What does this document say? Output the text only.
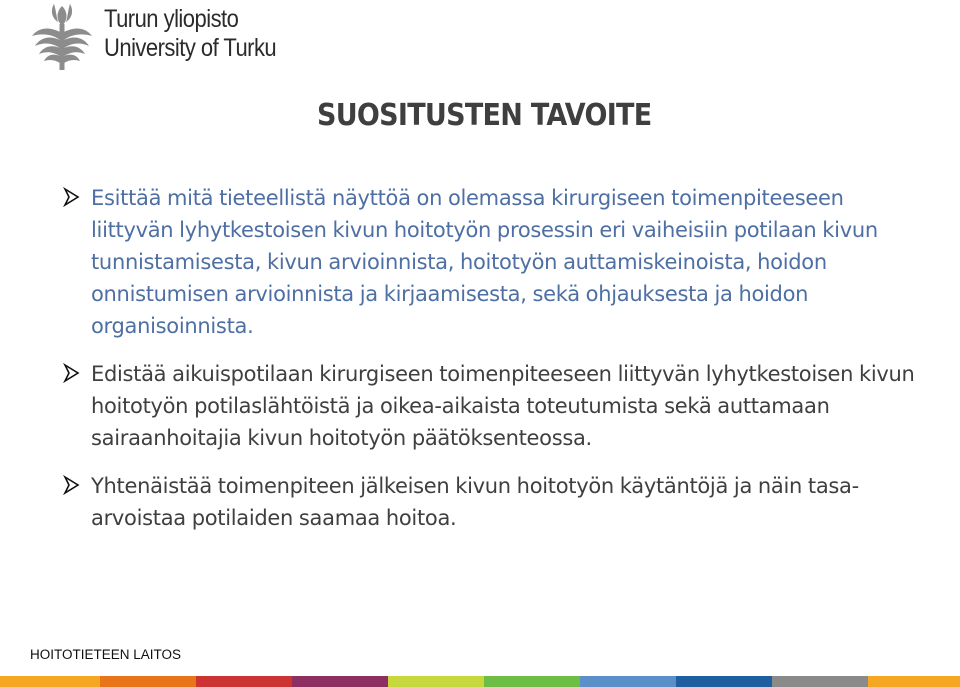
Turun yliopisto
University of Turku
SUOSITUSTEN TAVOITE
Esittää mitä tieteellistä näyttöä on olemassa kirurgiseen toimenpiteeseen liittyvän lyhytkestoisen kivun hoitotyön prosessin eri vaiheisiin potilaan kivun tunnistamisesta, kivun arvioinnista, hoitotyön auttamiskeinoista, hoidon onnistumisen arvioinnista ja kirjaamisesta, sekä ohjauksesta ja hoidon organisoinnista.
Edistää aikuispotilaan kirurgiseen toimenpiteeseen liittyvän lyhytkestoisen kivun hoitotyön potilaslähtöistä ja oikea-aikaista toteutumista sekä auttamaan sairaanhoitajia kivun hoitotyön päätöksenteossa.
Yhtenäistää toimenpiteen jälkeisen kivun hoitotyön käytäntöjä ja näin tasa-arvoistaa potilaiden saamaa hoitoa.
HOITOTIETEEN LAITOS
